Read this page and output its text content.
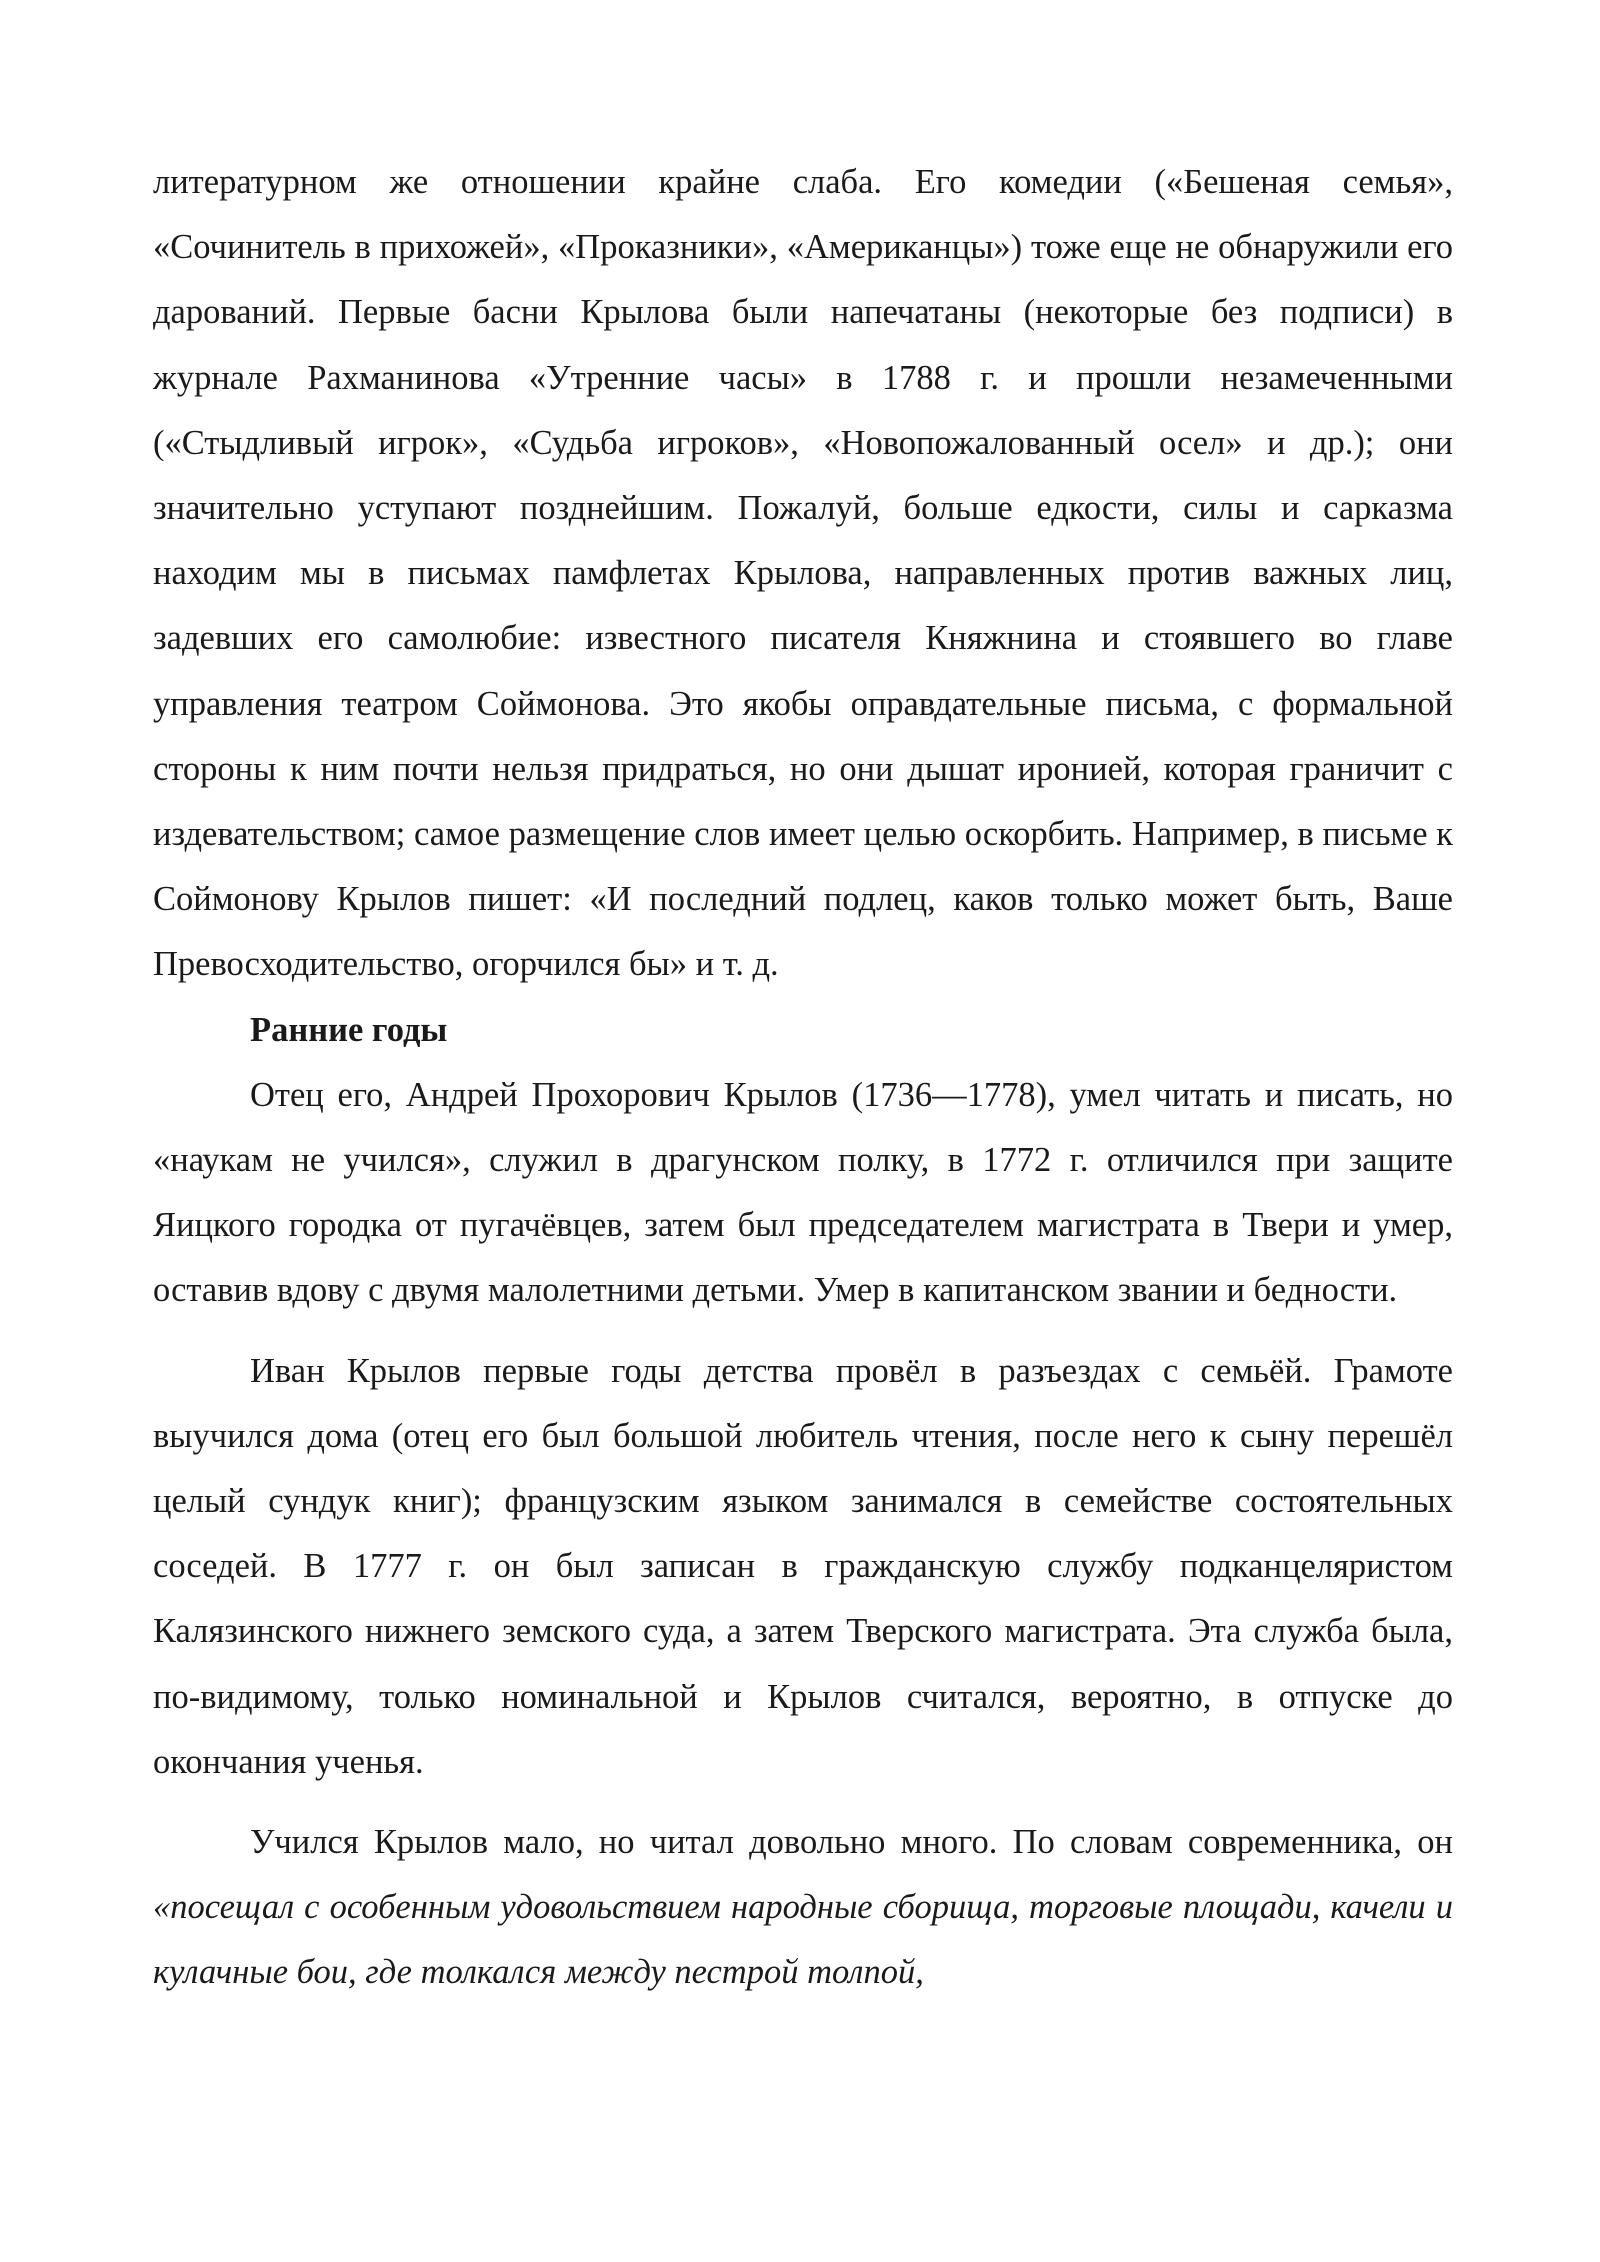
литературном же отношении крайне слаба. Его комедии («Бешеная семья», «Сочинитель в прихожей», «Проказники», «Американцы») тоже еще не обнаружили его дарований. Первые басни Крылова были напечатаны (некоторые без подписи) в журнале Рахманинова «Утренние часы» в 1788 г. и прошли незамеченными («Стыдливый игрок», «Судьба игроков», «Новопожалованный осел» и др.); они значительно уступают позднейшим. Пожалуй, больше едкости, силы и сарказма находим мы в письмах памфлетах Крылова, направленных против важных лиц, задевших его самолюбие: известного писателя Княжнина и стоявшего во главе управления театром Соймонова. Это якобы оправдательные письма, с формальной стороны к ним почти нельзя придраться, но они дышат иронией, которая граничит с издевательством; самое размещение слов имеет целью оскорбить. Например, в письме к Соймонову Крылов пишет: «И последний подлец, каков только может быть, Ваше Превосходительство, огорчился бы» и т. д.

Ранние годы

Отец его, Андрей Прохорович Крылов (1736—1778), умел читать и писать, но «наукам не учился», служил в драгунском полку, в 1772 г. отличился при защите Яицкого городка от пугачёвцев, затем был председателем магистрата в Твери и умер, оставив вдову с двумя малолетними детьми. Умер в капитанском звании и бедности.

Иван Крылов первые годы детства провёл в разъездах с семьёй. Грамоте выучился дома (отец его был большой любитель чтения, после него к сыну перешёл целый сундук книг); французским языком занимался в семействе состоятельных соседей. В 1777 г. он был записан в гражданскую службу подканцеляристом Калязинского нижнего земского суда, а затем Тверского магистрата. Эта служба была, по-видимому, только номинальной и Крылов считался, вероятно, в отпуске до окончания ученья.

Учился Крылов мало, но читал довольно много. По словам современника, он «посещал с особенным удовольствием народные сборища, торговые площади, качели и кулачные бои, где толкался между пестрой толпой,
